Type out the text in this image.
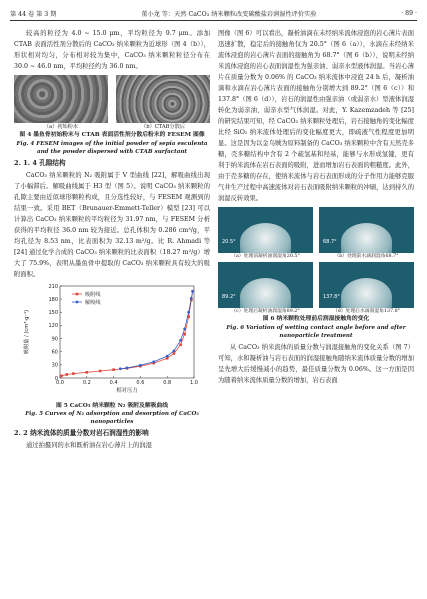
第 44 卷 第 3 期	董小龙 等：天然 CaCO₃ 纳米颗粒改变碳酸盐岩润湿性评价实验	· 89 ·

较高的粒径为 4.0 ~ 15.0 μm，平均粒径为 9.7 μm。添加 CTAB 表面活性剂分散后的 CaCO₃ 纳米颗粒为近球形（图 4（b）），形状相对均匀，分布相对较为集中，CaCO₃ 纳米颗粒粒径分布在 30.0 ~ 46.0 nm，平均粒径约为 36.0 nm。

（a）初始粉末	（b）CTAB分散后
图 4 墨鱼骨初始粉末与 CTAB 表面活性剂分散后粉末的 FESEM 图像
Fig. 4 FESEM images of the initial powder of sepia esculenta and the powder dispersed with CTAB surfactant
2. 1. 4 孔隙结构

CaCO₃ 纳米颗粒的 N₂ 吸附属于 Ⅴ 型曲线 [22]，解吸曲线出现了小幅滞后。解吸曲线属于 H3 型（图 5）。说明 CaCO₃ 纳米颗粒的孔隙主要由近似球形颗粒构成，且分选性较好，与 FESEM 观测到的结果一致。采用 BET（Brunauer-Emmett-Teller）模型 [23] 可以计算出 CaCO₃ 纳米颗粒的平均粒径为 31.97 nm，与 FESEM 分析获得的平均粒径 36.0 nm 较为接近。总孔体积为 0.286 cm³/g，平均孔径为 8.53 nm，比表面积为 32.13 m²/g。比 R. Ahmadi 等 [24] 通过化学合成的 CaCO₃ 纳米颗粒的比表面积（18.27 m²/g）增大了 75.9%，表明从墨鱼骨中提取的 CaCO₃ 纳米颗粒具有较大的吸附面积。

0
30
60
90
120
150
180
210
0.0	0.2	0.4	0.6	0.8	1.0
相对压力
吸附量 / (cm³·g⁻¹)
吸附线
解吸线
图 5 CaCO₃ 纳米颗粒 N₂ 吸附及解吸曲线
Fig. 5 Curves of N₂ adsorption and desorption of CaCO₃ nanoparticles
2. 2 纳米流体的质量分数对岩石润湿性的影响

通过拍摄同的水和既析油在岩心薄片上的润湿

图像（图 6）可以看出，凝析油滴在未经纳米流体浸泡的岩心薄片表面迅速扩散，稳定后的接触角仅为 20.5°（图 6（a）），水滴在未经纳米流体浸泡的岩心薄片表面的接触角为 68.7°（图 6（b）），说明未经纳米流体浸泡的岩心表面润湿性为强亲油、弱亲水型液体润湿。当岩心薄片在质量分数为 0.06% 的 CaCO₃ 纳米流体中浸泡 24 h 后，凝析油滴和水滴在岩心薄片表面的接触角分别增大到 89.2°（图 6（c））和 137.8°（图 6（d）），岩石的润湿性由强亲油（或弱亲水）型液体润湿转化为弱亲油、弱亲水型气体润湿。对此，Y. Kazemzadeh 等 [25] 的研究结果可知，经 CaCO₃ 纳米颗粒处理后，岩石接触角的变化幅度比经 SiO₂ 纳米流体处理后的变化幅度更大，即疏液气性程度更加明显。这是因为以金乌贼为原料制备的 CaCO₃ 纳米颗粒中含有天然壳多糖，壳多糖结构中含有 2 个疏氢基和羟基，能够与水形成氢键，更有利于纳米流体在岩石表面的吸附，进而增加岩石表面的粗糙度。此外，由于壳多糖的存在，使纳米流体与岩石表面形成的分子作用力能够克服气井生产过程中高速流体对岩石表面吸附纳米颗粒的冲刷，达到持久的润湿反转效果。

20.5°
（a）处理前凝析油润湿角20.5°
68.7°
（b）处理前水滴润湿角68.7°
89.2°
（c）处理后凝析油润湿角89.2°
137.8°
（d）处理后水滴润湿角137.8°
图 6 纳米颗粒处理前后润湿接触角的变化
Fig. 6 Variation of wetting contact angle before and after nanoparticle treatment

从 CaCO₃ 纳米流体的质量分数与润湿接触角的变化关系（图 7）可知，水和凝析油与岩石表面的润湿接触角随纳米流体质量分数的增加呈先增大后缓慢减小的趋势，最佳质量分数为 0.06%。这一方面是因为随着纳米流体质量分数的增加，岩石表面
